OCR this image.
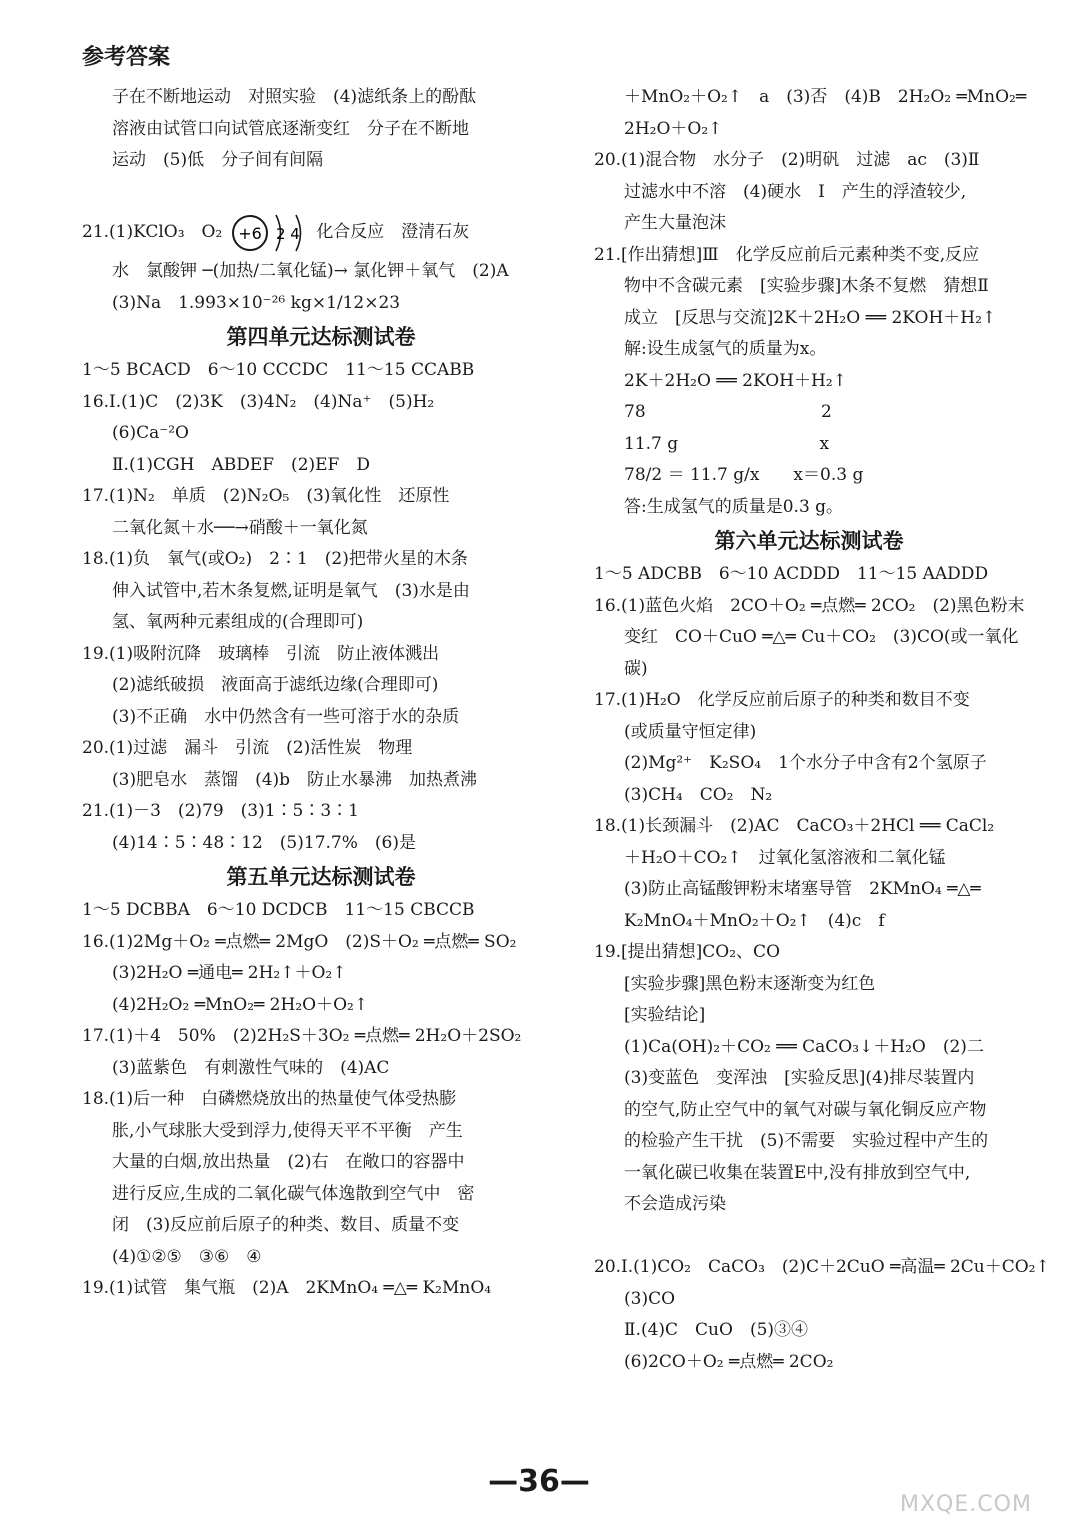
参考答案
子在不断地运动　对照实验　(4)滤纸条上的酚酞
溶液由试管口向试管底逐渐变红　分子在不断地
运动　(5)低　分子间有间隔

21.(1)KClO₃　O₂ +6 2 4 化合反应　澄清石灰
水　氯酸钾 ─(加热/二氧化锰)→ 氯化钾＋氧气　(2)A
(3)Na　1.993×10⁻²⁶ kg×1/12×23
第四单元达标测试卷
1～5 BCACD　6～10 CCCDC　11～15 CCABB
16.Ⅰ.(1)C　(2)3K　(3)4N₂　(4)Na⁺　(5)H₂
(6)Ca⁻²O
Ⅱ.(1)CGH　ABDEF　(2)EF　D
17.(1)N₂　单质　(2)N₂O₅　(3)氧化性　还原性
二氧化氮＋水──→硝酸＋一氧化氮
18.(1)负　氧气(或O₂)　2∶1　(2)把带火星的木条
伸入试管中,若木条复燃,证明是氧气　(3)水是由
氢、氧两种元素组成的(合理即可)
19.(1)吸附沉降　玻璃棒　引流　防止液体溅出
(2)滤纸破损　液面高于滤纸边缘(合理即可)
(3)不正确　水中仍然含有一些可溶于水的杂质
20.(1)过滤　漏斗　引流　(2)活性炭　物理
(3)肥皂水　蒸馏　(4)b　防止水暴沸　加热煮沸
21.(1)－3　(2)79　(3)1∶5∶3∶1
(4)14∶5∶48∶12　(5)17.7%　(6)是
第五单元达标测试卷
1～5 DCBBA　6～10 DCDCB　11～15 CBCCB
16.(1)2Mg＋O₂ ═点燃═ 2MgO　(2)S＋O₂ ═点燃═ SO₂
(3)2H₂O ═通电═ 2H₂↑＋O₂↑
(4)2H₂O₂ ═MnO₂═ 2H₂O＋O₂↑
17.(1)＋4　50%　(2)2H₂S＋3O₂ ═点燃═ 2H₂O＋2SO₂
(3)蓝紫色　有刺激性气味的　(4)AC
18.(1)后一种　白磷燃烧放出的热量使气体受热膨
胀,小气球胀大受到浮力,使得天平不平衡　产生
大量的白烟,放出热量　(2)右　在敞口的容器中
进行反应,生成的二氧化碳气体逸散到空气中　密
闭　(3)反应前后原子的种类、数目、质量不变
(4)①②⑤　③⑥　④
19.(1)试管　集气瓶　(2)A　2KMnO₄ ═△═ K₂MnO₄
＋MnO₂＋O₂↑　a　(3)否　(4)B　2H₂O₂ ═MnO₂═
2H₂O＋O₂↑
20.(1)混合物　水分子　(2)明矾　过滤　ac　(3)Ⅱ
过滤水中不溶　(4)硬水　Ⅰ　产生的浮渣较少,
产生大量泡沫
21.[作出猜想]Ⅲ　化学反应前后元素种类不变,反应
物中不含碳元素　[实验步骤]木条不复燃　猜想Ⅱ
成立　[反思与交流]2K＋2H₂O ══ 2KOH＋H₂↑
解:设生成氢气的质量为x。
2K＋2H₂O ══ 2KOH＋H₂↑
78　　　　　　　　　　 2
11.7 g　　　　　　　　 x
78/2 ＝ 11.7 g/x　　x＝0.3 g
答:生成氢气的质量是0.3 g。
第六单元达标测试卷
1～5 ADCBB　6～10 ACDDD　11～15 AADDD
16.(1)蓝色火焰　2CO＋O₂ ═点燃═ 2CO₂　(2)黑色粉末
变红　CO＋CuO ═△═ Cu＋CO₂　(3)CO(或一氧化
碳)
17.(1)H₂O　化学反应前后原子的种类和数目不变
(或质量守恒定律)
(2)Mg²⁺　K₂SO₄　1个水分子中含有2个氢原子
(3)CH₄　CO₂　N₂
18.(1)长颈漏斗　(2)AC　CaCO₃＋2HCl ══ CaCl₂
＋H₂O＋CO₂↑　过氧化氢溶液和二氧化锰
(3)防止高锰酸钾粉末堵塞导管　2KMnO₄ ═△═
K₂MnO₄＋MnO₂＋O₂↑　(4)c　f
19.[提出猜想]CO₂、CO
[实验步骤]黑色粉末逐渐变为红色
[实验结论]
(1)Ca(OH)₂＋CO₂ ══ CaCO₃↓＋H₂O　(2)二
(3)变蓝色　变浑浊　[实验反思](4)排尽装置内
的空气,防止空气中的氧气对碳与氧化铜反应产物
的检验产生干扰　(5)不需要　实验过程中产生的
一氧化碳已收集在装置E中,没有排放到空气中,
不会造成污染

20.Ⅰ.(1)CO₂　CaCO₃　(2)C＋2CuO ═高温═ 2Cu＋CO₂↑
(3)CO
Ⅱ.(4)C　CuO　(5)③④
(6)2CO＋O₂ ═点燃═ 2CO₂
—36—
MXQE.COM
